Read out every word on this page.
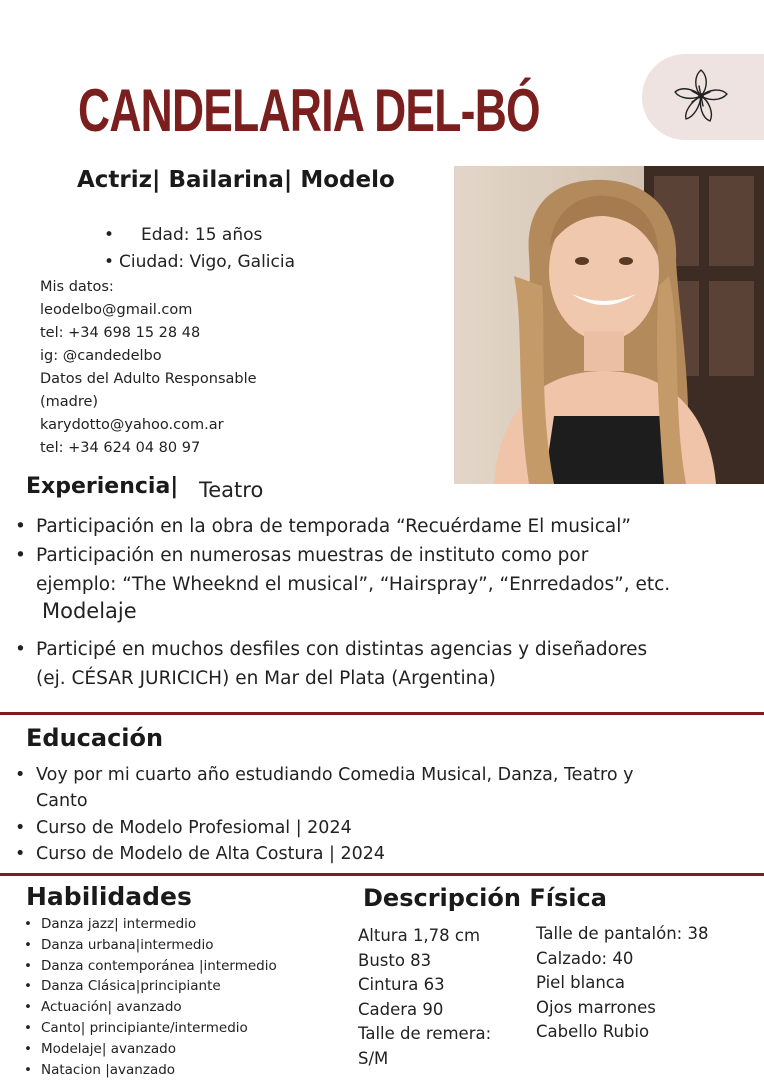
CANDELARIA DEL-BÓ
Actriz| Bailarina| Modelo
• Edad: 15 años
• Ciudad: Vigo, Galicia
Mis datos:
leodelbo@gmail.com
tel: +34 698 15 28 48
ig: @candedelbo
Datos del Adulto Responsable
(madre)
karydotto@yahoo.com.ar
tel: +34 624 04 80 97
Experiencia| Teatro
• Participación en la obra de temporada “Recuérdame El musical”
• Participación en numerosas muestras de instituto como por
ejemplo: “The Wheeknd el musical”, “Hairspray”, “Enrredados”, etc.
Modelaje
• Participé en muchos desfiles con distintas agencias y diseñadores
(ej. CÉSAR JURICICH) en Mar del Plata (Argentina)
Educación
• Voy por mi cuarto año estudiando Comedia Musical, Danza, Teatro y
Canto
• Curso de Modelo Profesiomal | 2024
• Curso de Modelo de Alta Costura | 2024
Habilidades
• Danza jazz| intermedio
• Danza urbana|intermedio
• Danza contemporánea |intermedio
• Danza Clásica|principiante
• Actuación| avanzado
• Canto| principiante/intermedio
• Modelaje| avanzado
• Natacion |avanzado
Descripción Física
Altura 1,78 cm
Busto 83
Cintura 63
Cadera 90
Talle de remera:
S/M
Talle de pantalón: 38
Calzado: 40
Piel blanca
Ojos marrones
Cabello Rubio
